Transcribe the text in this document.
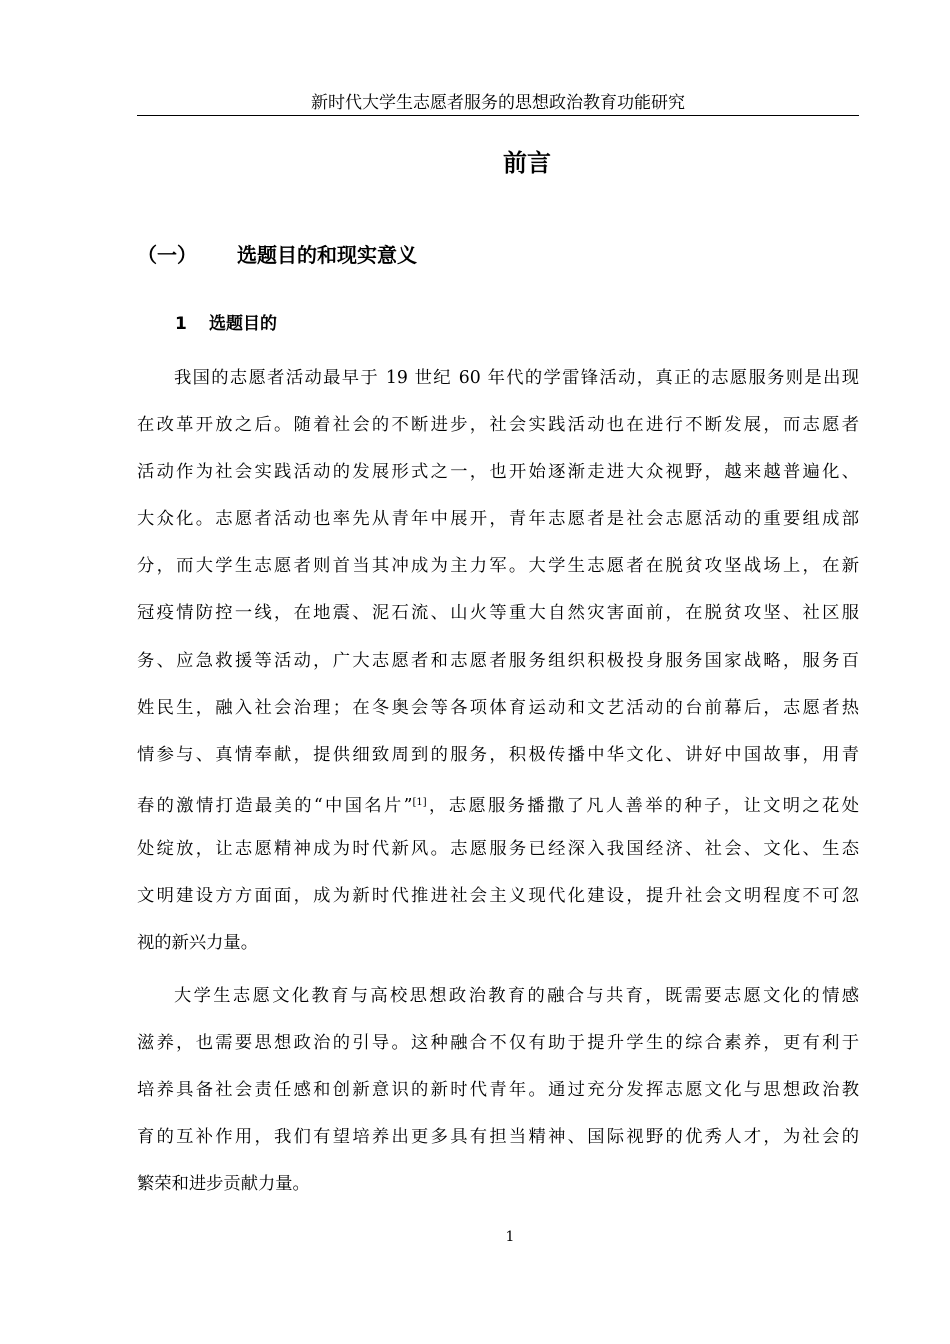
新时代大学生志愿者服务的思想政治教育功能研究
前言
（一） 选题目的和现实意义
1 选题目的
我国的志愿者活动最早于 19 世纪 60 年代的学雷锋活动，真正的志愿服务则是出现
在改革开放之后。随着社会的不断进步，社会实践活动也在进行不断发展，而志愿者
活动作为社会实践活动的发展形式之一，也开始逐渐走进大众视野，越来越普遍化、
大众化。志愿者活动也率先从青年中展开，青年志愿者是社会志愿活动的重要组成部
分，而大学生志愿者则首当其冲成为主力军。大学生志愿者在脱贫攻坚战场上，在新
冠疫情防控一线，在地震、泥石流、山火等重大自然灾害面前，在脱贫攻坚、社区服
务、应急救援等活动，广大志愿者和志愿者服务组织积极投身服务国家战略，服务百
姓民生，融入社会治理；在冬奥会等各项体育运动和文艺活动的台前幕后，志愿者热
情参与、真情奉献，提供细致周到的服务，积极传播中华文化、讲好中国故事，用青
春的激情打造最美的“中国名片”[1]，志愿服务播撒了凡人善举的种子，让文明之花处
处绽放，让志愿精神成为时代新风。志愿服务已经深入我国经济、社会、文化、生态
文明建设方方面面，成为新时代推进社会主义现代化建设，提升社会文明程度不可忽
视的新兴力量。
大学生志愿文化教育与高校思想政治教育的融合与共育，既需要志愿文化的情感
滋养，也需要思想政治的引导。这种融合不仅有助于提升学生的综合素养，更有利于
培养具备社会责任感和创新意识的新时代青年。通过充分发挥志愿文化与思想政治教
育的互补作用，我们有望培养出更多具有担当精神、国际视野的优秀人才，为社会的
繁荣和进步贡献力量。
1
